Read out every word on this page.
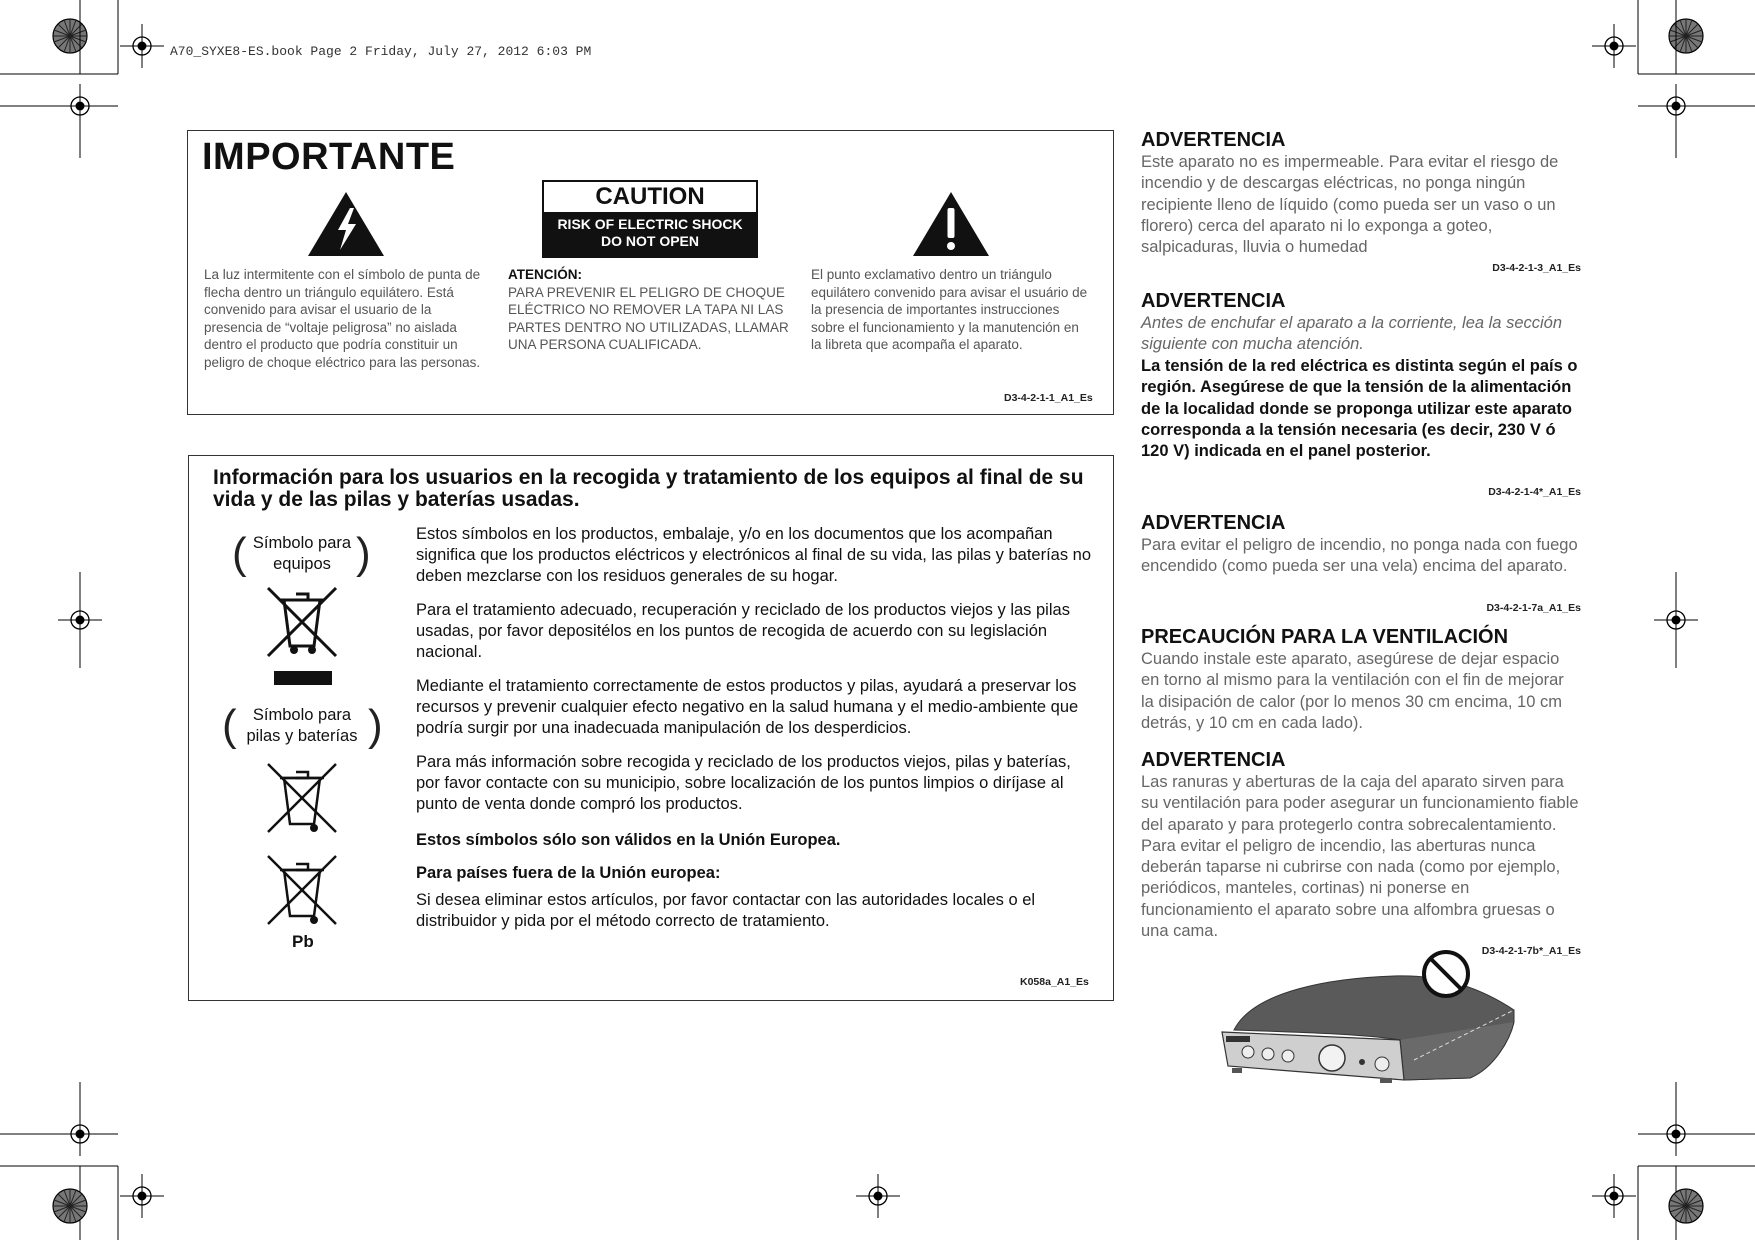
A70_SYXE8-ES.book Page 2 Friday, July 27, 2012 6:03 PM
IMPORTANTE
La luz intermitente con el símbolo de punta de flecha dentro un triángulo equilátero. Está convenido para avisar el usuario de la presencia de “voltaje peligrosa” no aislada dentro el producto que podría constituir un peligro de choque eléctrico para las personas.
CAUTION
RISK OF ELECTRIC SHOCK
DO NOT OPEN
ATENCIÓN:
PARA PREVENIR EL PELIGRO DE CHOQUE ELÉCTRICO NO REMOVER LA TAPA NI LAS PARTES DENTRO NO UTILIZADAS, LLAMAR UNA PERSONA CUALIFICADA.
El punto exclamativo dentro un triángulo equilátero convenido para avisar el usuário de la presencia de importantes instrucciones sobre el funcionamiento y la manutención en la libreta que acompaña el aparato.
D3-4-2-1-1_A1_Es
Información para los usuarios en la recogida y tratamiento de los equipos al final de su vida y de las pilas y baterías usadas.
( Símbolo para
equipos )
( Símbolo para
pilas y baterías )
Pb
Estos símbolos en los productos, embalaje, y/o en los documentos que los acompañan significa que los productos eléctricos y electrónicos al final de su vida, las pilas y baterías no deben mezclarse con los residuos generales de su hogar.
Para el tratamiento adecuado, recuperación y reciclado de los productos viejos y las pilas usadas, por favor depositélos en los puntos de recogida de acuerdo con su legislación nacional.
Mediante el tratamiento correctamente de estos productos y pilas, ayudará a preservar los recursos y prevenir cualquier efecto negativo en la salud humana y el medio-ambiente que podría surgir por una inadecuada manipulación de los desperdicios.
Para más información sobre recogida y reciclado de los productos viejos, pilas y baterías, por favor contacte con su municipio, sobre localización de los puntos limpios o diríjase al punto de venta donde compró los productos.
Estos símbolos sólo son válidos en la Unión Europea.
Para países fuera de la Unión europea:
Si desea eliminar estos artículos, por favor contactar con las autoridades locales o el distribuidor y pida por el método correcto de tratamiento.
K058a_A1_Es
ADVERTENCIA
Este aparato no es impermeable. Para evitar el riesgo de incendio y de descargas eléctricas, no ponga ningún recipiente lleno de líquido (como pueda ser un vaso o un florero) cerca del aparato ni lo exponga a goteo, salpicaduras, lluvia o humedad
D3-4-2-1-3_A1_Es
ADVERTENCIA
Antes de enchufar el aparato a la corriente, lea la sección siguiente con mucha atención.
La tensión de la red eléctrica es distinta según el país o región. Asegúrese de que la tensión de la alimentación de la localidad donde se proponga utilizar este aparato corresponda a la tensión necesaria (es decir, 230 V ó 120 V) indicada en el panel posterior.
D3-4-2-1-4*_A1_Es
ADVERTENCIA
Para evitar el peligro de incendio, no ponga nada con fuego encendido (como pueda ser una vela) encima del aparato.
D3-4-2-1-7a_A1_Es
PRECAUCIÓN PARA LA VENTILACIÓN
Cuando instale este aparato, asegúrese de dejar espacio en torno al mismo para la ventilación con el fin de mejorar la disipación de calor (por lo menos 30 cm encima, 10 cm detrás, y 10 cm en cada lado).
ADVERTENCIA
Las ranuras y aberturas de la caja del aparato sirven para su ventilación para poder asegurar un funcionamiento fiable del aparato y para protegerlo contra sobrecalentamiento. Para evitar el peligro de incendio, las aberturas nunca deberán taparse ni cubrirse con nada (como por ejemplo, periódicos, manteles, cortinas) ni ponerse en funcionamiento el aparato sobre una alfombra gruesas o una cama.
D3-4-2-1-7b*_A1_Es
